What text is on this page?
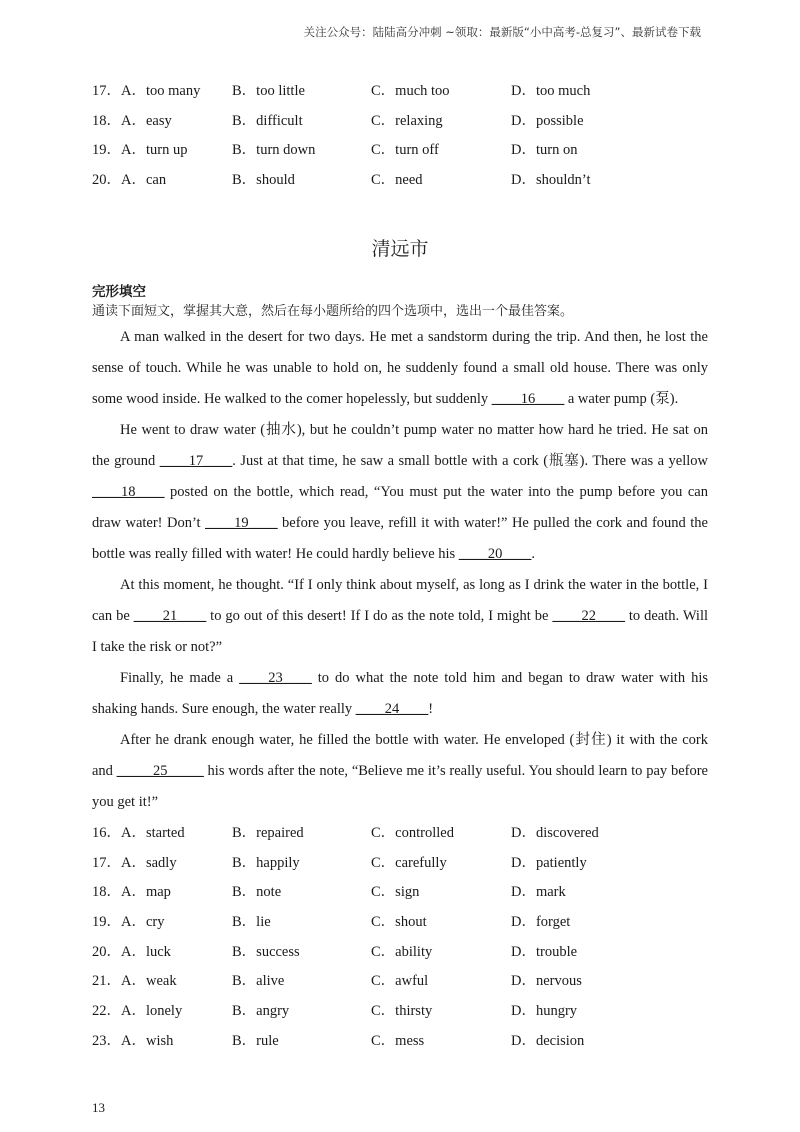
关注公众号：陆陆高分冲刺 ~领取：最新版“小中高考-总复习”、最新试卷下载
17．A．too many B．too little	C．much too	D．too much
18．A．easy	B．difficult	C．relaxing	D．possible
19．A．turn up	B．turn down	C．turn off	D．turn on
20．A．can	B．should	C．need	D．shouldn’t
清远市
完形填空
通读下面短文，掌握其大意，然后在每小题所给的四个选项中，选出一个最佳答案。

A man walked in the desert for two days. He met a sandstorm during the trip. And then, he lost the sense of touch. While he was unable to hold on, he suddenly found a small old house. There was only some wood inside. He walked to the comer hopelessly, but suddenly ____16____ a water pump (泵).

He went to draw water (抽水), but he couldn’t pump water no matter how hard he tried. He sat on the ground ____17____. Just at that time, he saw a small bottle with a cork (瓶塞). There was a yellow ____18____ posted on the bottle, which read, “You must put the water into the pump before you can draw water! Don’t ____19____ before you leave, refill it with water!” He pulled the cork and found the bottle was really filled with water! He could hardly believe his ____20____.

At this moment, he thought. “If I only think about myself, as long as I drink the water in the bottle, I can be ____21____ to go out of this desert! If I do as the note told, I might be ____22____ to death. Will I take the risk or not?”

Finally, he made a ____23____ to do what the note told him and began to draw water with his shaking hands. Sure enough, the water really ____24____!

After he drank enough water, he filled the bottle with water. He enveloped (封住) it with the cork and _____25_____ his words after the note, “Believe me it’s really useful. You should learn to pay before you get it!”

16．A．started	B．repaired	C．controlled	D．discovered
17．A．sadly	B．happily	C．carefully	D．patiently
18．A．map	B．note	C．sign	D．mark
19．A．cry	B．lie	C．shout	D．forget
20．A．luck	B．success	C．ability	D．trouble
21．A．weak	B．alive	C．awful	D．nervous
22．A．lonely	B．angry	C．thirsty	D．hungry
23．A．wish	B．rule	C．mess	D．decision
13
